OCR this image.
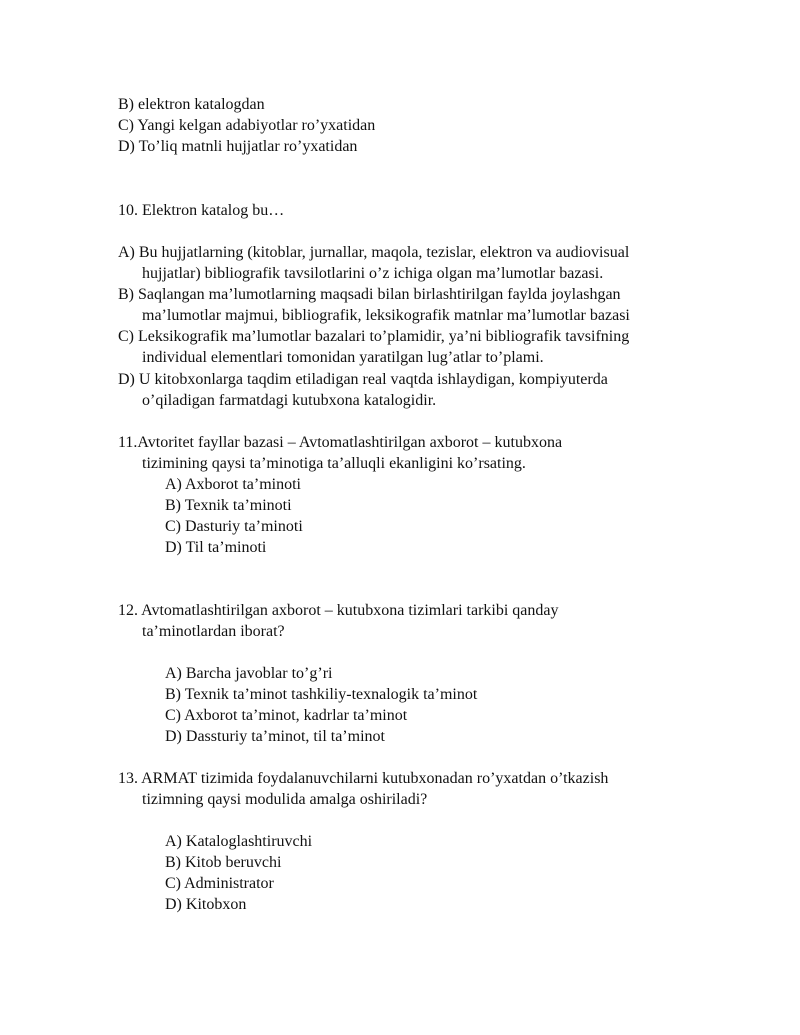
B) elektron katalogdan
C) Yangi kelgan adabiyotlar ro’yxatidan
D) To’liq matnli hujjatlar ro’yxatidan
10. Elektron katalog bu…
A) Bu hujjatlarning (kitoblar, jurnallar, maqola, tezislar, elektron va audiovisual
hujjatlar) bibliografik tavsilotlarini o’z ichiga olgan ma’lumotlar bazasi.
B) Saqlangan ma’lumotlarning maqsadi bilan birlashtirilgan faylda joylashgan
ma’lumotlar majmui, bibliografik, leksikografik matnlar ma’lumotlar bazasi
C) Leksikografik ma’lumotlar bazalari to’plamidir, ya’ni bibliografik tavsifning
individual elementlari tomonidan yaratilgan lug’atlar to’plami.
D) U kitobxonlarga taqdim etiladigan real vaqtda ishlaydigan, kompiyuterda
o’qiladigan farmatdagi kutubxona katalogidir.
11.Avtoritet fayllar bazasi – Avtomatlashtirilgan axborot – kutubxona
tizimining qaysi ta’minotiga ta’alluqli ekanligini ko’rsating.
A) Axborot ta’minoti
B) Texnik ta’minoti
C) Dasturiy ta’minoti
D) Til ta’minoti
12. Avtomatlashtirilgan axborot – kutubxona tizimlari tarkibi qanday
ta’minotlardan iborat?
A) Barcha javoblar to’g’ri
B) Texnik ta’minot tashkiliy-texnalogik ta’minot
C) Axborot ta’minot, kadrlar ta’minot
D) Dassturiy ta’minot, til ta’minot
13. ARMAT tizimida foydalanuvchilarni kutubxonadan ro’yxatdan o’tkazish
tizimning qaysi modulida amalga oshiriladi?
A) Kataloglashtiruvchi
B) Kitob beruvchi
C) Administrator
D) Kitobxon
